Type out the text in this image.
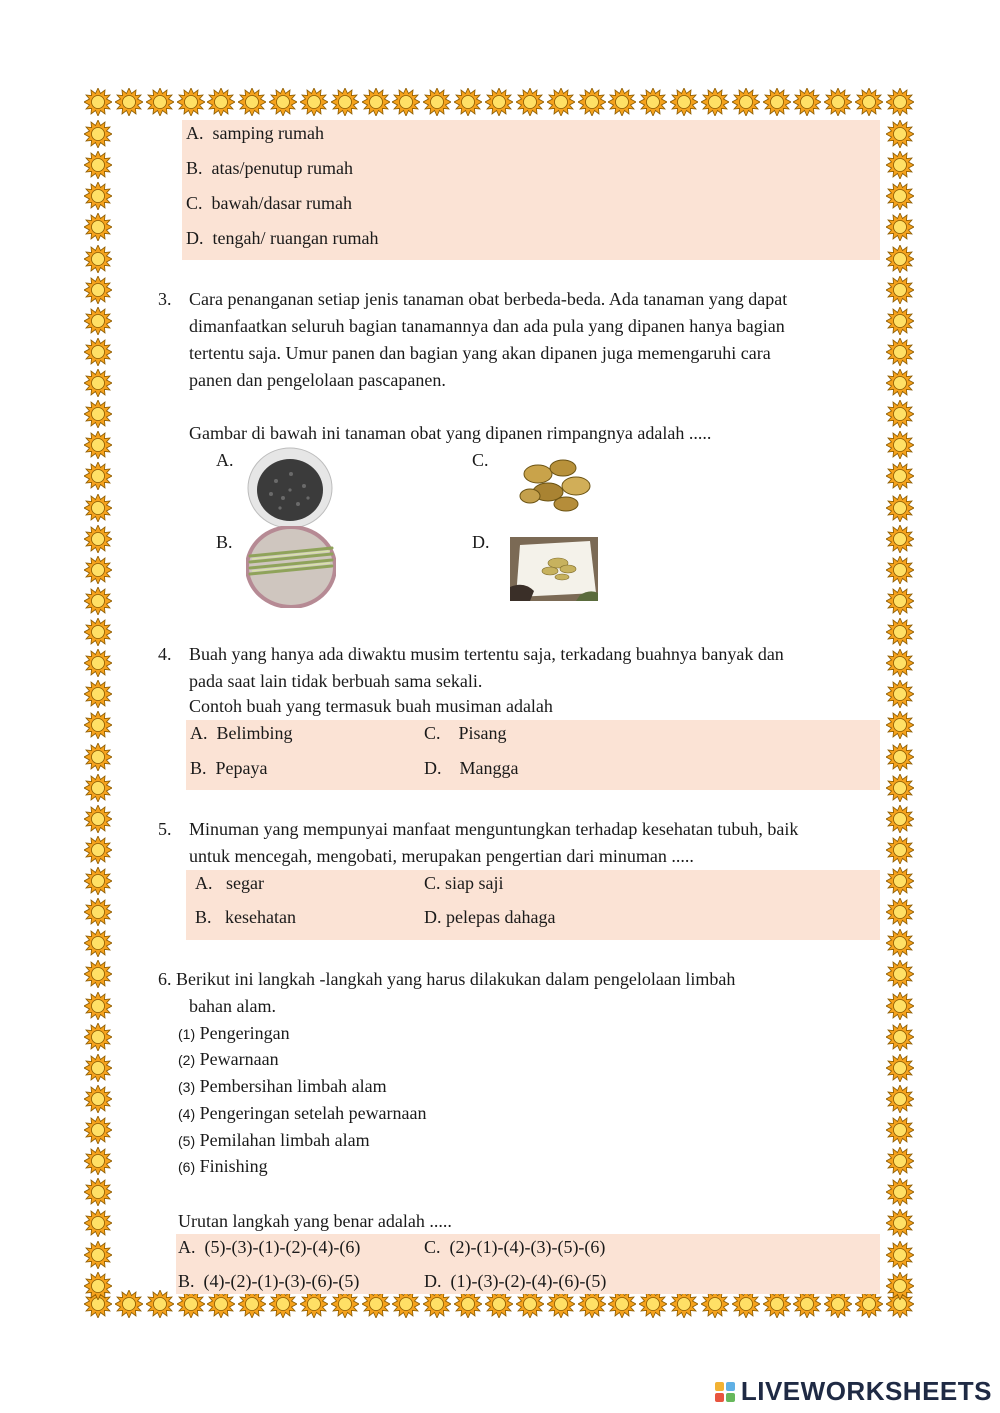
A. samping rumah
B. atas/penutup rumah
C. bawah/dasar rumah
D. tengah/ ruangan rumah
3. Cara penanganan setiap jenis tanaman obat berbeda-beda. Ada tanaman yang dapat
dimanfaatkan seluruh bagian tanamannya dan ada pula yang dipanen hanya bagian
tertentu saja. Umur panen dan bagian yang akan dipanen juga memengaruhi cara
panen dan pengelolaan pascapanen.
Gambar di bawah ini tanaman obat yang dipanen rimpangnya adalah .....
A.	C.
B.	D.
4. Buah yang hanya ada diwaktu musim tertentu saja, terkadang buahnya banyak dan
pada saat lain tidak berbuah sama sekali.
Contoh buah yang termasuk buah musiman adalah
A. Belimbing
B. Pepaya
C. Pisang
D. Mangga
5. Minuman yang mempunyai manfaat menguntungkan terhadap kesehatan tubuh, baik
untuk mencegah, mengobati, merupakan pengertian dari minuman .....
A. segar
B. kesehatan
C. siap saji
D. pelepas dahaga
6. Berikut ini langkah -langkah yang harus dilakukan dalam pengelolaan limbah
bahan alam.
(1) Pengeringan
(2) Pewarnaan
(3) Pembersihan limbah alam
(4) Pengeringan setelah pewarnaan
(5) Pemilahan limbah alam
(6) Finishing
Urutan langkah yang benar adalah .....
A. (5)-(3)-(1)-(2)-(4)-(6)
B. (4)-(2)-(1)-(3)-(6)-(5)
C. (2)-(1)-(4)-(3)-(5)-(6)
D. (1)-(3)-(2)-(4)-(6)-(5)
LIVEWORKSHEETS
